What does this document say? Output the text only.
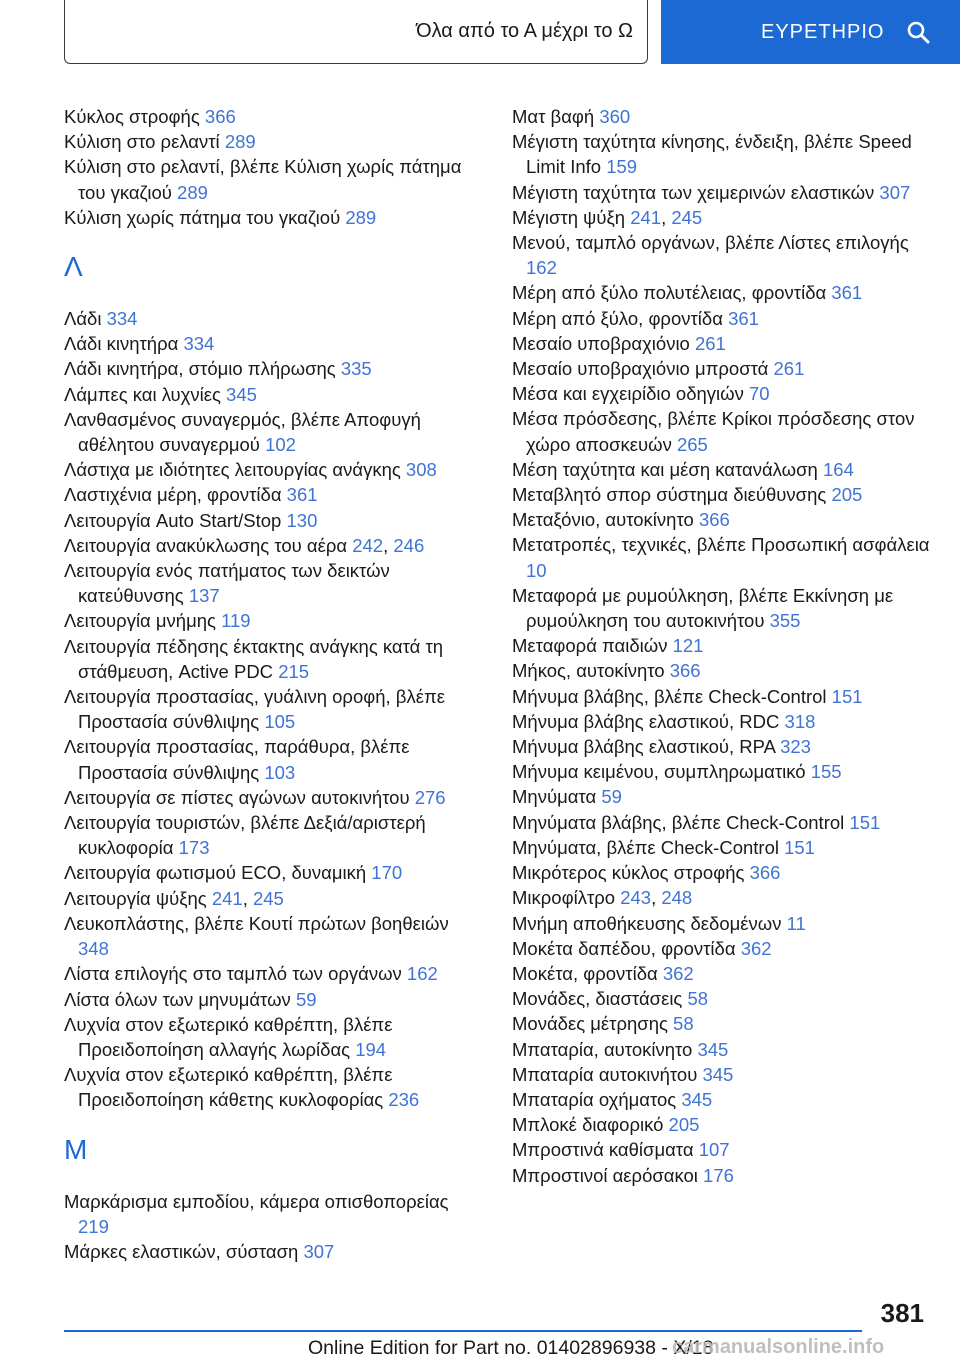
Όλα από το Α μέχρι το Ω	ΕΥΡΕΤΗΡΙΟ
Κύκλος στροφής 366
Κύλιση στο ρελαντί 289
Κύλιση στο ρελαντί, βλέπε Κύλιση χωρίς πάτημα του γκαζιού 289
Κύλιση χωρίς πάτημα του γκαζιού 289
Λ
Λάδι 334
Λάδι κινητήρα 334
Λάδι κινητήρα, στόμιο πλήρωσης 335
Λάμπες και λυχνίες 345
Λανθασμένος συναγερμός, βλέπε Αποφυγή αθέλητου συναγερμού 102
Λάστιχα με ιδιότητες λειτουργίας ανάγκης 308
Λαστιχένια μέρη, φροντίδα 361
Λειτουργία Auto Start/Stop 130
Λειτουργία ανακύκλωσης του αέρα 242, 246
Λειτουργία ενός πατήματος των δεικτών κατεύθυνσης 137
Λειτουργία μνήμης 119
Λειτουργία πέδησης έκτακτης ανάγκης κατά τη στάθμευση, Active PDC 215
Λειτουργία προστασίας, γυάλινη οροφή, βλέπε Προστασία σύνθλιψης 105
Λειτουργία προστασίας, παράθυρα, βλέπε Προστασία σύνθλιψης 103
Λειτουργία σε πίστες αγώνων αυτοκινήτου 276
Λειτουργία τουριστών, βλέπε Δεξιά/αριστερή κυκλοφορία 173
Λειτουργία φωτισμού ECO, δυναμική 170
Λειτουργία ψύξης 241, 245
Λευκοπλάστης, βλέπε Κουτί πρώτων βοηθειών 348
Λίστα επιλογής στο ταμπλό των οργάνων 162
Λίστα όλων των μηνυμάτων 59
Λυχνία στον εξωτερικό καθρέπτη, βλέπε Προειδοποίηση αλλαγής λωρίδας 194
Λυχνία στον εξωτερικό καθρέπτη, βλέπε Προειδοποίηση κάθετης κυκλοφορίας 236
Μ
Μαρκάρισμα εμποδίου, κάμερα οπισθοπορείας 219
Μάρκες ελαστικών, σύσταση 307
Ματ βαφή 360
Μέγιστη ταχύτητα κίνησης, ένδειξη, βλέπε Speed Limit Info 159
Μέγιστη ταχύτητα των χειμερινών ελαστικών 307
Μέγιστη ψύξη 241, 245
Μενού, ταμπλό οργάνων, βλέπε Λίστες επιλογής 162
Μέρη από ξύλο πολυτέλειας, φροντίδα 361
Μέρη από ξύλο, φροντίδα 361
Μεσαίο υποβραχιόνιο 261
Μεσαίο υποβραχιόνιο μπροστά 261
Μέσα και εγχειρίδιο οδηγιών 70
Μέσα πρόσδεσης, βλέπε Κρίκοι πρόσδεσης στον χώρο αποσκευών 265
Μέση ταχύτητα και μέση κατανάλωση 164
Μεταβλητό σπορ σύστημα διεύθυνσης 205
Μεταξόνιο, αυτοκίνητο 366
Μετατροπές, τεχνικές, βλέπε Προσωπική ασφάλεια 10
Μεταφορά με ρυμούλκηση, βλέπε Εκκίνηση με ρυμούλκηση του αυτοκινήτου 355
Μεταφορά παιδιών 121
Μήκος, αυτοκίνητο 366
Μήνυμα βλάβης, βλέπε Check-Control 151
Μήνυμα βλάβης ελαστικού, RDC 318
Μήνυμα βλάβης ελαστικού, RPA 323
Μήνυμα κειμένου, συμπληρωματικό 155
Μηνύματα 59
Μηνύματα βλάβης, βλέπε Check-Control 151
Μηνύματα, βλέπε Check-Control 151
Μικρότερος κύκλος στροφής 366
Μικροφίλτρο 243, 248
Μνήμη αποθήκευσης δεδομένων 11
Μοκέτα δαπέδου, φροντίδα 362
Μοκέτα, φροντίδα 362
Μονάδες, διαστάσεις 58
Μονάδες μέτρησης 58
Μπαταρία, αυτοκίνητο 345
Μπαταρία αυτοκινήτου 345
Μπαταρία οχήματος 345
Μπλοκέ διαφορικό 205
Μπροστινά καθίσματα 107
Μπροστινοί αερόσακοι 176
381
Online Edition for Part no. 01402896938 - X/18
carmanualsonline.info
